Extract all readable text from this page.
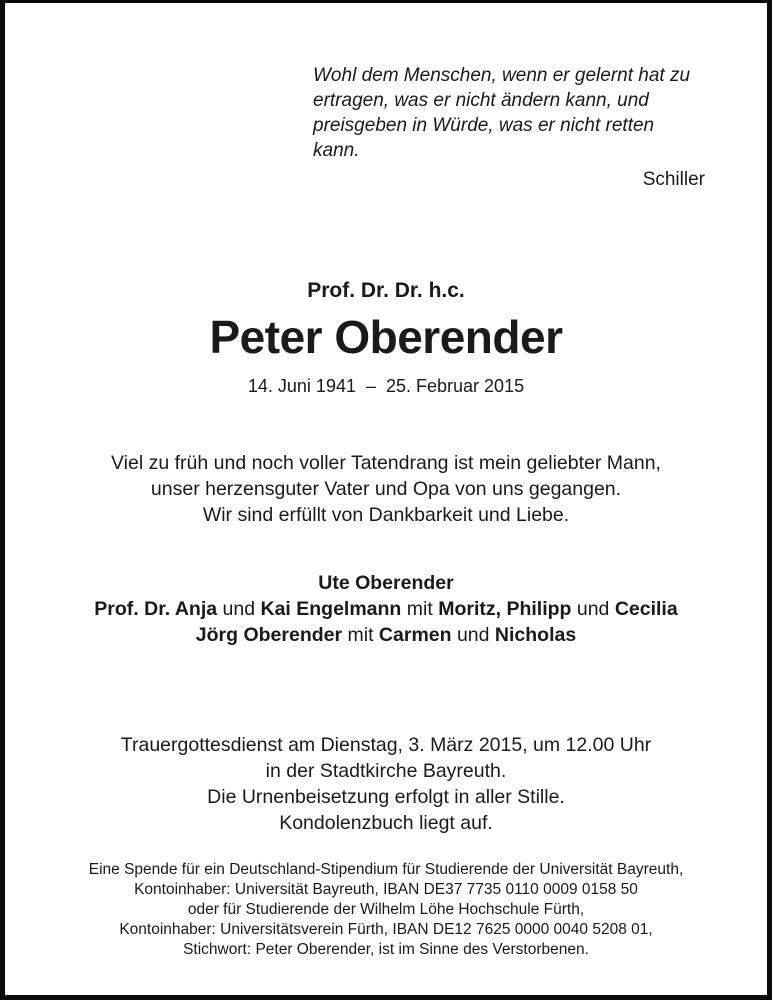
Wohl dem Menschen, wenn er gelernt hat zu
ertragen, was er nicht ändern kann, und
preisgeben in Würde, was er nicht retten kann.
Schiller
Prof. Dr. Dr. h.c.
Peter Oberender
14. Juni 1941  –  25. Februar 2015
Viel zu früh und noch voller Tatendrang ist mein geliebter Mann,
unser herzensguter Vater und Opa von uns gegangen.
Wir sind erfüllt von Dankbarkeit und Liebe.
Ute Oberender
Prof. Dr. Anja und Kai Engelmann mit Moritz, Philipp und Cecilia
Jörg Oberender mit Carmen und Nicholas
Trauergottesdienst am Dienstag, 3. März 2015, um 12.00 Uhr
in der Stadtkirche Bayreuth.
Die Urnenbeisetzung erfolgt in aller Stille.
Kondolenzbuch liegt auf.
Eine Spende für ein Deutschland-Stipendium für Studierende der Universität Bayreuth,
Kontoinhaber: Universität Bayreuth, IBAN DE37 7735 0110 0009 0158 50
oder für Studierende der Wilhelm Löhe Hochschule Fürth,
Kontoinhaber: Universitätsverein Fürth, IBAN DE12 7625 0000 0040 5208 01,
Stichwort: Peter Oberender, ist im Sinne des Verstorbenen.
